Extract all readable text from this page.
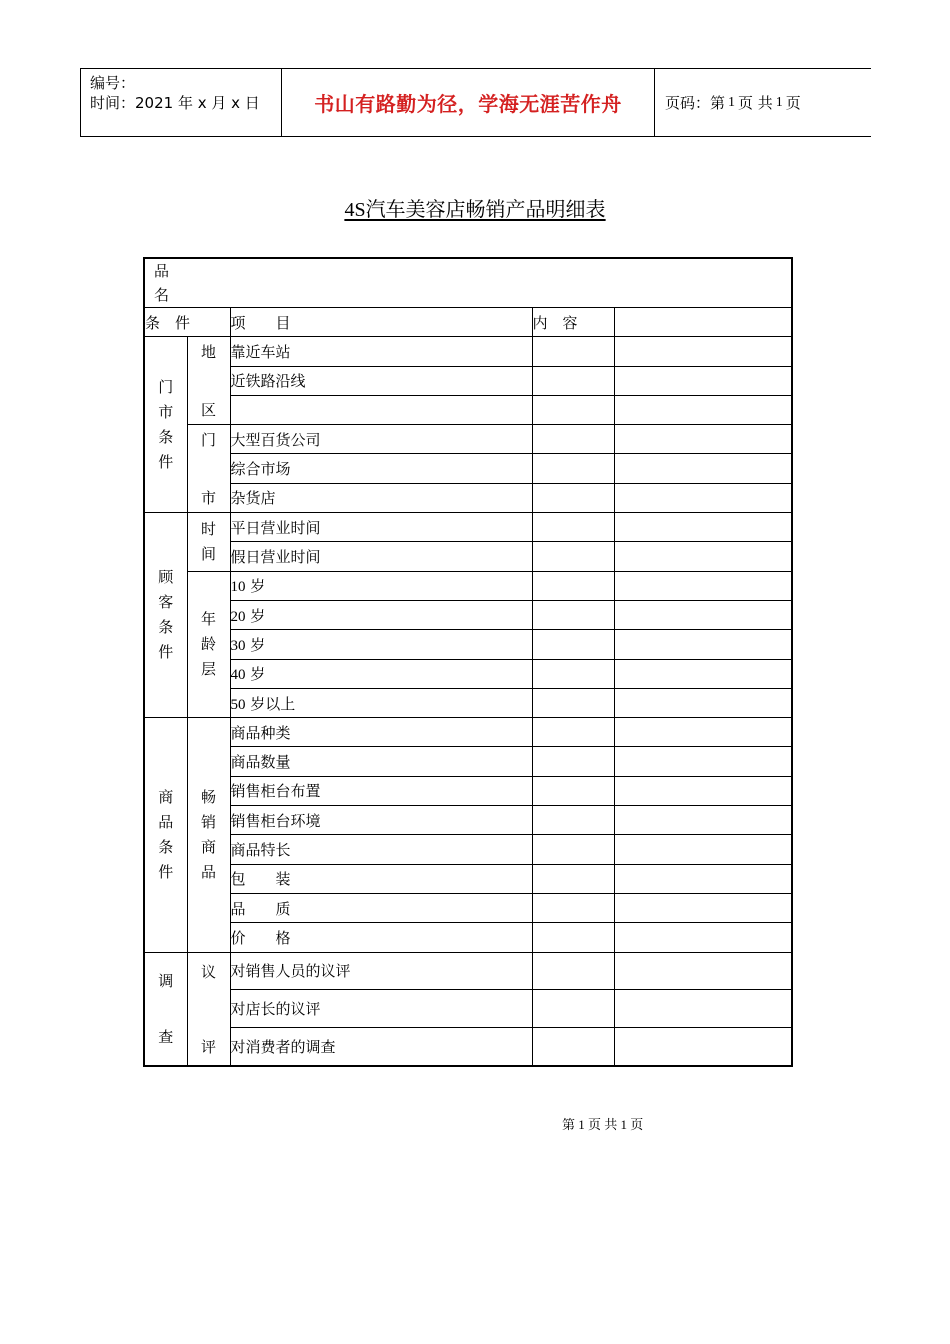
编号：
时间：2021 年 x 月 x 日	书山有路勤为径，学海无涯苦作舟	页码：第 1 页 共 1 页
4S汽车美容店畅销产品明细表
品名				
条　件		项　　目	内　容	
门市条件	地	靠近车站		
		近铁路沿线		
	区			
	门	大型百货公司		
		综合市场		
	市	杂货店		
顾客条件	时间	平日营业时间		
		假日营业时间		
	年龄层	10 岁		
		20 岁		
		30 岁		
		40 岁		
		50 岁以上		
商品条件	畅销商品	商品种类		
		商品数量		
		销售柜台布置		
		销售柜台环境		
		商品特长		
		包　　装		
		品　　质		
		价　　格		
调　查	议	对销售人员的议评		
		对店长的议评		
	评	对消费者的调查		
第 1 页 共 1 页
